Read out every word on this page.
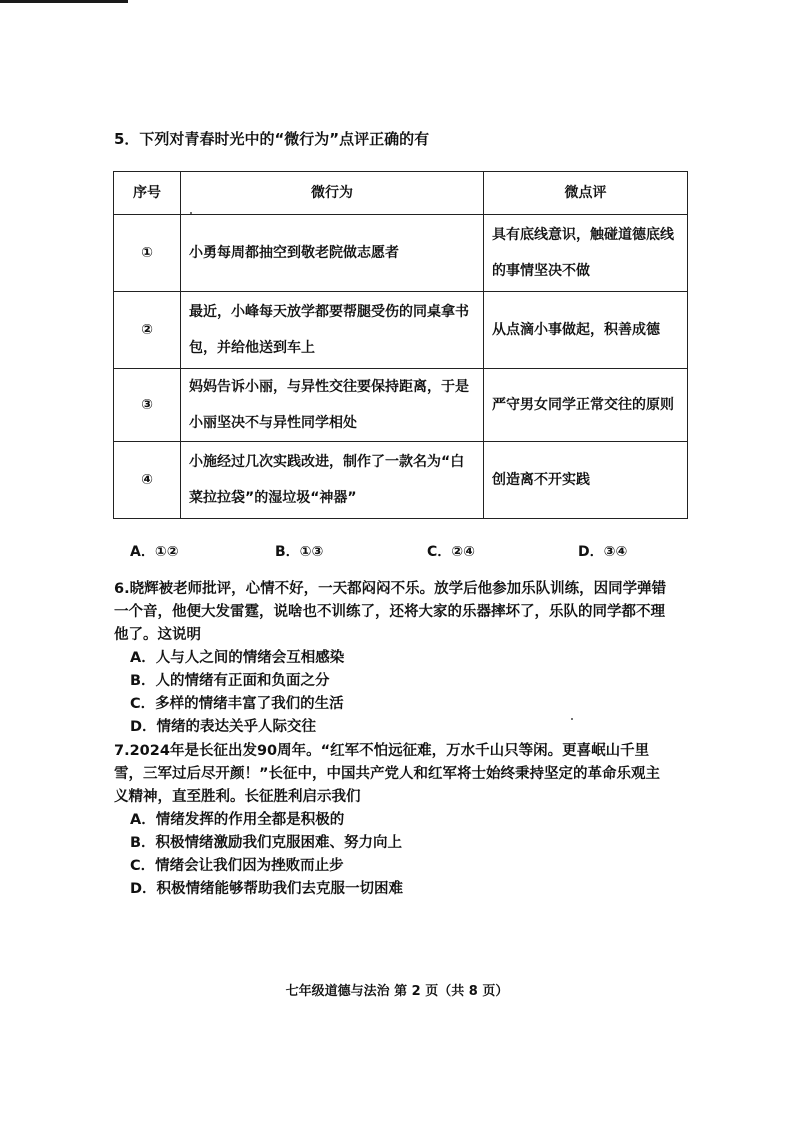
5．下列对青春时光中的“微行为”点评正确的有
序号	微行为	微点评
①	小勇每周都抽空到敬老院做志愿者	具有底线意识，触碰道德底线的事情坚决不做
②	最近，小峰每天放学都要帮腿受伤的同桌拿书包，并给他送到车上	从点滴小事做起，积善成德
③	妈妈告诉小丽，与异性交往要保持距离，于是小丽坚决不与异性同学相处	严守男女同学正常交往的原则
④	小施经过几次实践改进，制作了一款名为“白菜拉拉袋”的湿垃圾“神器”	创造离不开实践
A．①②	B．①③	C．②④	D．③④
6.晓辉被老师批评，心情不好，一天都闷闷不乐。放学后他参加乐队训练，因同学弹错一个音，他便大发雷霆，说啥也不训练了，还将大家的乐器摔坏了，乐队的同学都不理他了。这说明
A．人与人之间的情绪会互相感染
B．人的情绪有正面和负面之分
C．多样的情绪丰富了我们的生活
D．情绪的表达关乎人际交往
7.2024年是长征出发90周年。“红军不怕远征难，万水千山只等闲。更喜岷山千里雪，三军过后尽开颜！”长征中，中国共产党人和红军将士始终秉持坚定的革命乐观主义精神，直至胜利。长征胜利启示我们
A．情绪发挥的作用全都是积极的
B．积极情绪激励我们克服困难、努力向上
C．情绪会让我们因为挫败而止步
D．积极情绪能够帮助我们去克服一切困难
七年级道德与法治 第 2 页（共 8 页）
